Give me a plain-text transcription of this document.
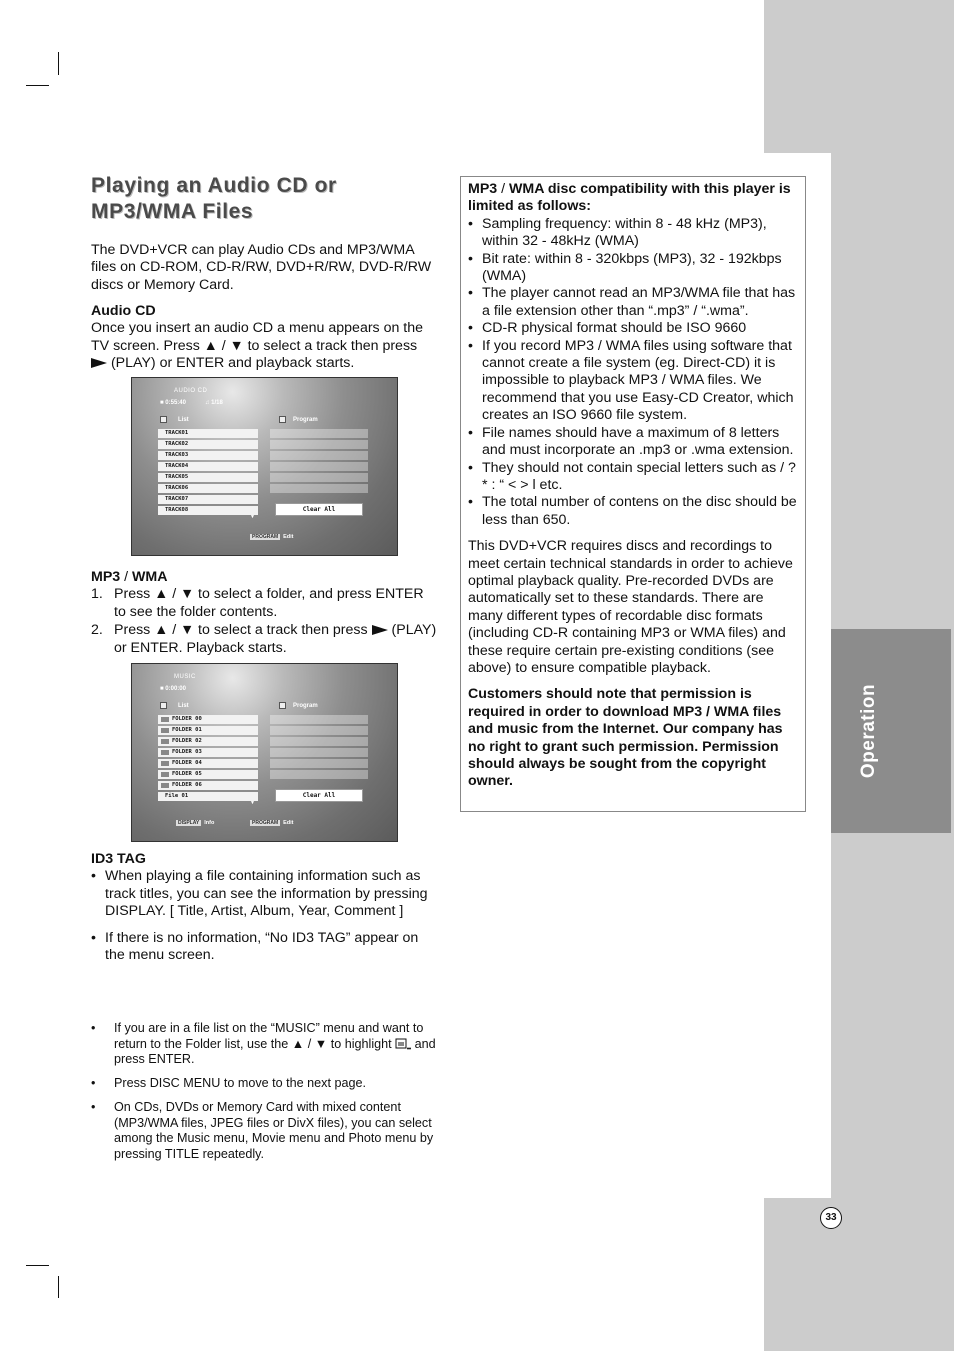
Operation
33
Playing an Audio CD or MP3/WMA Files
The DVD+VCR can play Audio CDs and MP3/WMA files on CD-ROM, CD-R/RW, DVD+R/RW, DVD-R/RW discs or Memory Card.
Audio CD
Once you insert an audio CD a menu appears on the TV screen. Press ▲ / ▼ to select a track then press  (PLAY) or ENTER and playback starts.
AUDIO CD
■ 0:55:40	♫ 1/18
List	Program
TRACK01
TRACK02
TRACK03
TRACK04
TRACK05
TRACK06
TRACK07
TRACK08
▼
Clear All
PROGRAM Edit
MP3 / WMA
1. Press ▲ / ▼ to select a folder, and press ENTER to see the folder contents.
2. Press ▲ / ▼ to select a track then press (PLAY) or ENTER. Playback starts.
MUSIC
■ 0:00:00
List	Program
FOLDER 00
FOLDER 01
FOLDER 02
FOLDER 03
FOLDER 04
FOLDER 05
FOLDER 06
File 01
▼
Clear All
DISPLAY Info	PROGRAM Edit
ID3 TAG
• When playing a file containing information such as track titles, you can see the information by pressing DISPLAY. [ Title, Artist, Album, Year, Comment ]
• If there is no information, “No ID3 TAG” appear on the menu screen.
• If you are in a file list on the “MUSIC” menu and want to return to the Folder list, use the ▲ / ▼ to highlight and press ENTER.
• Press DISC MENU to move to the next page.
• On CDs, DVDs or Memory Card with mixed content (MP3/WMA files, JPEG files or DivX files), you can select among the Music menu, Movie menu and Photo menu by pressing TITLE repeatedly.
MP3 / WMA disc compatibility with this player is limited as follows:
• Sampling frequency: within 8 - 48 kHz (MP3), within 32 - 48kHz (WMA)
• Bit rate: within 8 - 320kbps (MP3), 32 - 192kbps (WMA)
• The player cannot read an MP3/WMA file that has a file extension other than “.mp3” / “.wma”.
• CD-R physical format should be ISO 9660
• If you record MP3 / WMA files using software that cannot create a file system (eg. Direct-CD) it is impossible to playback MP3 / WMA files. We recommend that you use Easy-CD Creator, which creates an ISO 9660 file system.
• File names should have a maximum of 8 letters and must incorporate an .mp3 or .wma extension.
• They should not contain special letters such as / ? * : “ < > l etc.
• The total number of contens on the disc should be less than 650.
This DVD+VCR requires discs and recordings to meet certain technical standards in order to achieve optimal playback quality. Pre-recorded DVDs are automatically set to these standards. There are many different types of recordable disc formats (including CD-R containing MP3 or WMA files) and these require certain pre-existing conditions (see above) to ensure compatible playback.
Customers should note that permission is required in order to download MP3 / WMA files and music from the Internet. Our company has no right to grant such permission. Permission should always be sought from the copyright owner.
